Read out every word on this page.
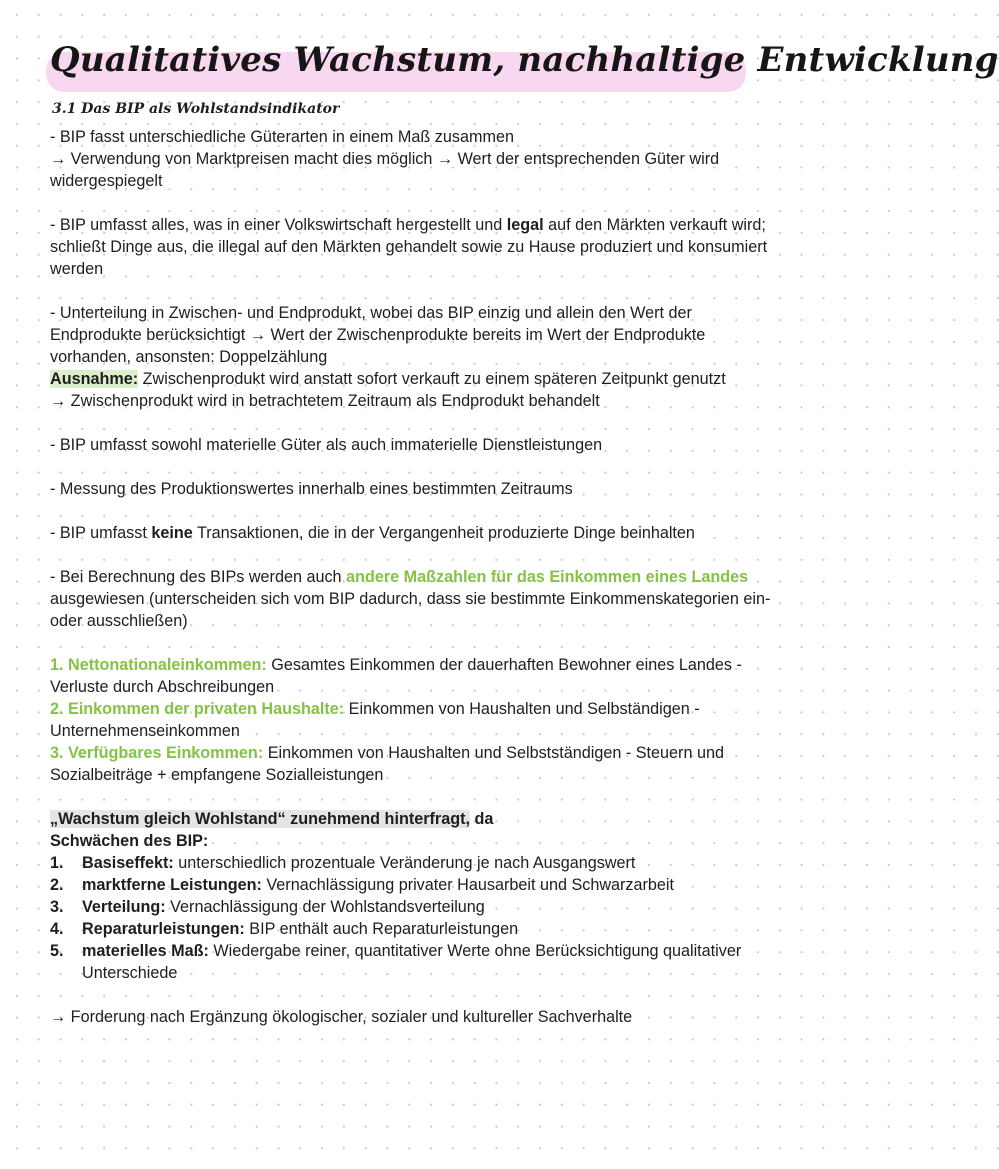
Qualitatives Wachstum, nachhaltige Entwicklung
3.1 Das BIP als Wohlstandsindikator

- BIP fasst unterschiedliche Güterarten in einem Maß zusammen

→ Verwendung von Marktpreisen macht dies möglich → Wert der entsprechenden Güter wird widergespiegelt

- BIP umfasst alles, was in einer Volkswirtschaft hergestellt und legal auf den Märkten verkauft wird; schließt Dinge aus, die illegal auf den Märkten gehandelt sowie zu Hause produziert und konsumiert werden

- Unterteilung in Zwischen- und Endprodukt, wobei das BIP einzig und allein den Wert der Endprodukte berücksichtigt → Wert der Zwischenprodukte bereits im Wert der Endprodukte vorhanden, ansonsten: Doppelzählung

Ausnahme: Zwischenprodukt wird anstatt sofort verkauft zu einem späteren Zeitpunkt genutzt

→ Zwischenprodukt wird in betrachtetem Zeitraum als Endprodukt behandelt

- BIP umfasst sowohl materielle Güter als auch immaterielle Dienstleistungen

- Messung des Produktionswertes innerhalb eines bestimmten Zeitraums

- BIP umfasst keine Transaktionen, die in der Vergangenheit produzierte Dinge beinhalten

- Bei Berechnung des BIPs werden auch andere Maßzahlen für das Einkommen eines Landes ausgewiesen (unterscheiden sich vom BIP dadurch, dass sie bestimmte Einkommenskategorien ein- oder ausschließen)

1. Nettonationaleinkommen: Gesamtes Einkommen der dauerhaften Bewohner eines Landes - Verluste durch Abschreibungen

2. Einkommen der privaten Haushalte: Einkommen von Haushalten und Selbständigen - Unternehmenseinkommen

3. Verfügbares Einkommen: Einkommen von Haushalten und Selbstständigen - Steuern und Sozialbeiträge + empfangene Sozialleistungen

„Wachstum gleich Wohlstand“ zunehmend hinterfragt, da

Schwächen des BIP:

1. Basiseffekt: unterschiedlich prozentuale Veränderung je nach Ausgangswert
2. marktferne Leistungen: Vernachlässigung privater Hausarbeit und Schwarzarbeit
3. Verteilung: Vernachlässigung der Wohlstandsverteilung
4. Reparaturleistungen: BIP enthält auch Reparaturleistungen
5. materielles Maß: Wiedergabe reiner, quantitativer Werte ohne Berücksichtigung qualitativer Unterschiede

→ Forderung nach Ergänzung ökologischer, sozialer und kultureller Sachverhalte
